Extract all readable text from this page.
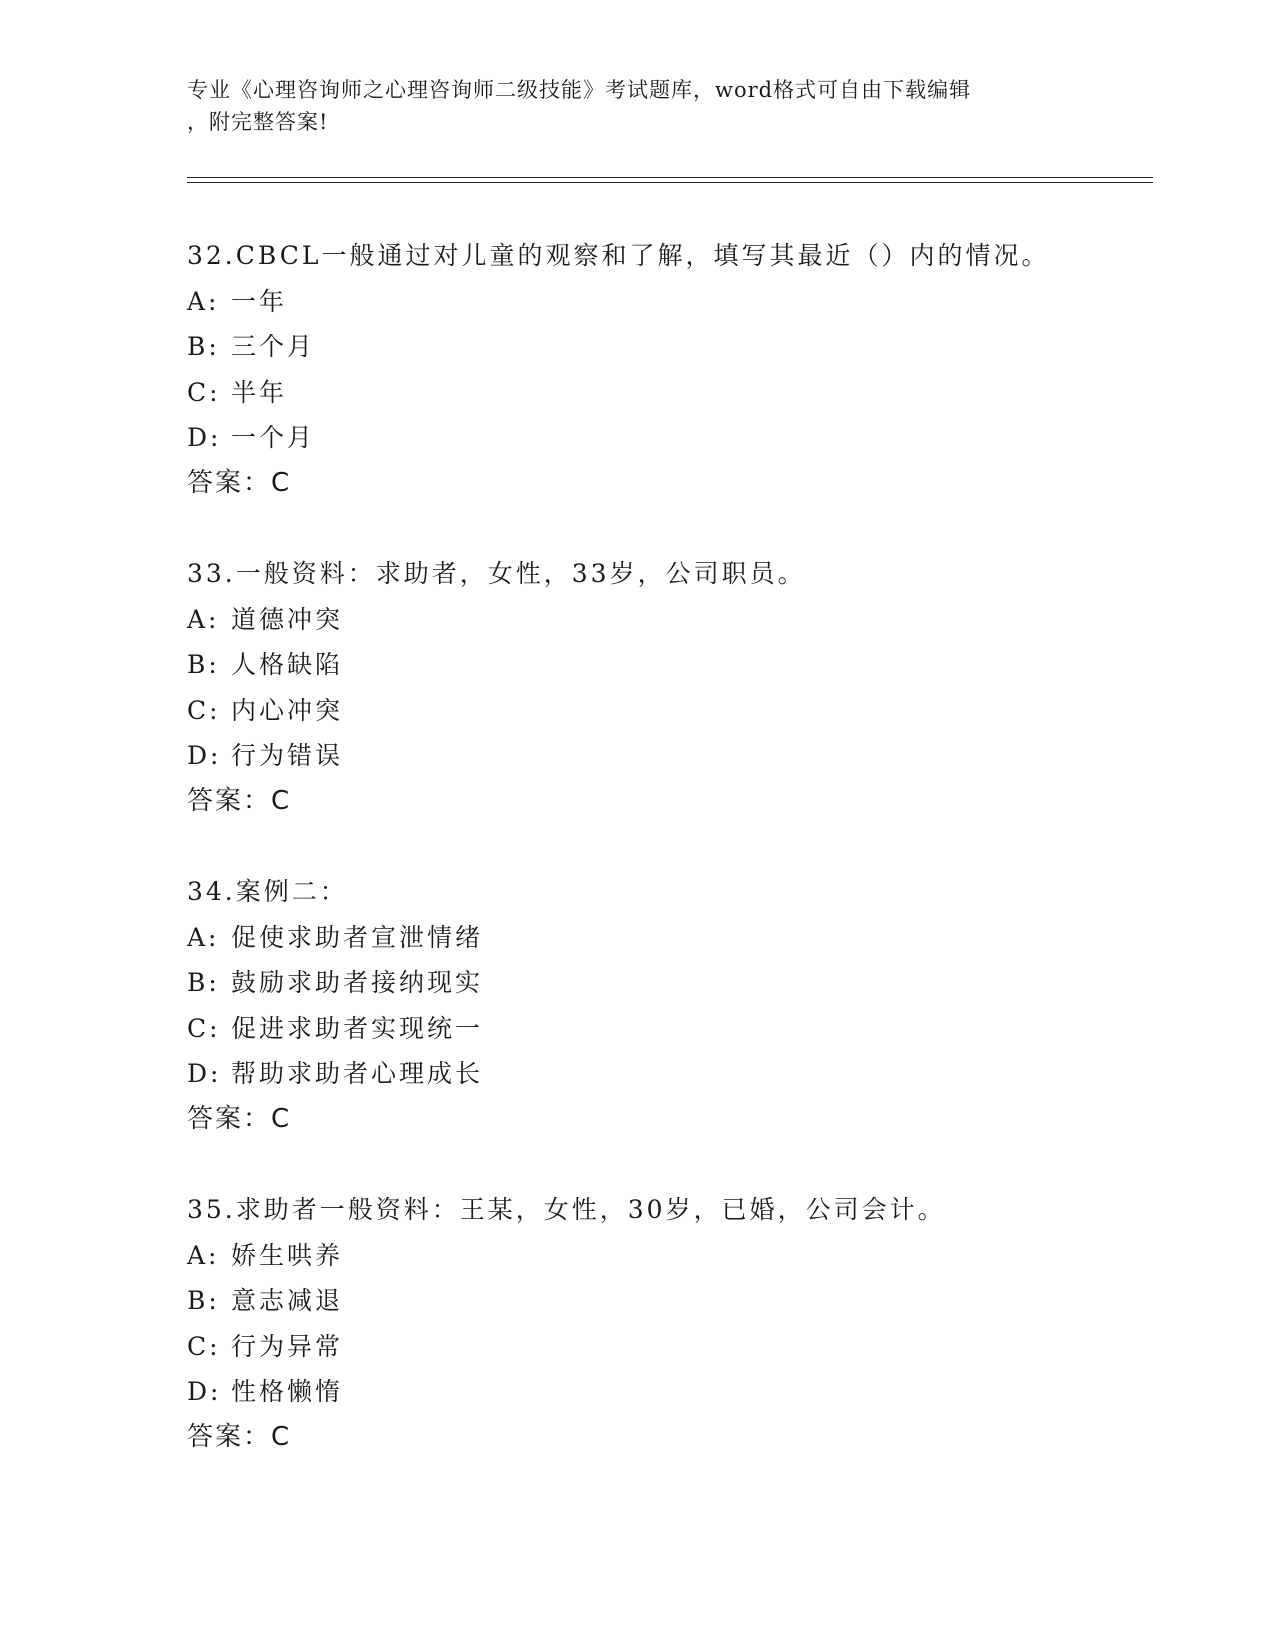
专业《心理咨询师之心理咨询师二级技能》考试题库，word格式可自由下载编辑
，附完整答案!
32.CBCL一般通过对儿童的观察和了解，填写其最近（）内的情况。
A: 一年
B: 三个月
C: 半年
D: 一个月
答案：C
33.一般资料：求助者，女性，33岁，公司职员。
A: 道德冲突
B: 人格缺陷
C: 内心冲突
D: 行为错误
答案：C
34.案例二：
A: 促使求助者宣泄情绪
B: 鼓励求助者接纳现实
C: 促进求助者实现统一
D: 帮助求助者心理成长
答案：C
35.求助者一般资料：王某，女性，30岁，已婚，公司会计。
A: 娇生哄养
B: 意志减退
C: 行为异常
D: 性格懒惰
答案：C
